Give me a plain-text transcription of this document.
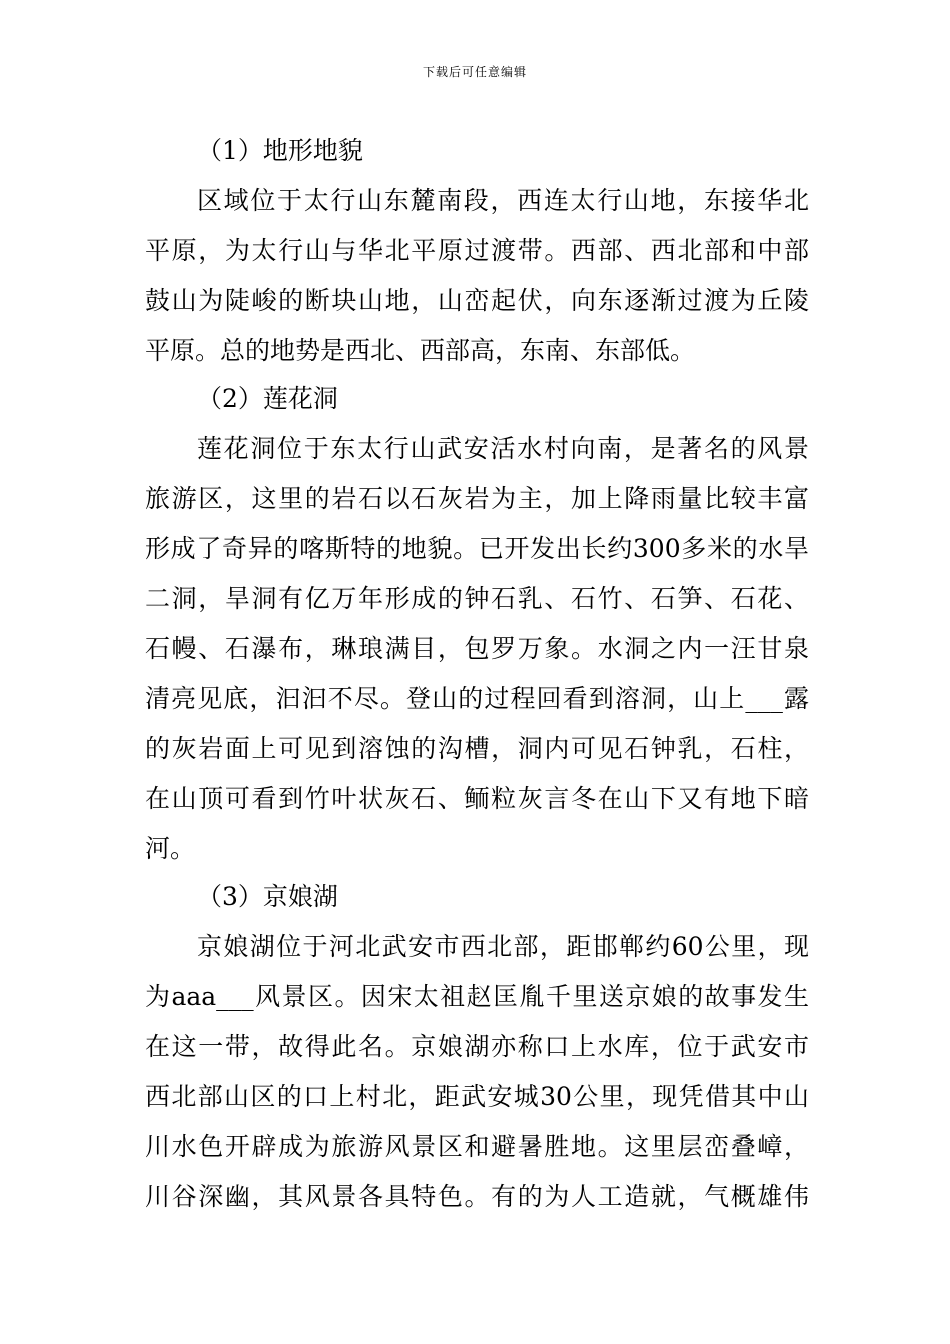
下载后可任意编辑
（1）地形地貌
区域位于太行山东麓南段，西连太行山地，东接华北
平原，为太行山与华北平原过渡带。西部、西北部和中部
鼓山为陡峻的断块山地，山峦起伏，向东逐渐过渡为丘陵
平原。总的地势是西北、西部高，东南、东部低。
（2）莲花洞
莲花洞位于东太行山武安活水村向南，是著名的风景
旅游区，这里的岩石以石灰岩为主，加上降雨量比较丰富
形成了奇异的喀斯特的地貌。已开发出长约300多米的水旱
二洞，旱洞有亿万年形成的钟石乳、石竹、石笋、石花、
石幔、石瀑布，琳琅满目，包罗万象。水洞之内一汪甘泉
清亮见底，汩汩不尽。登山的过程回看到溶洞，山上___露
的灰岩面上可见到溶蚀的沟槽，洞内可见石钟乳，石柱，
在山顶可看到竹叶状灰石、鲕粒灰言冬在山下又有地下暗
河。
（3）京娘湖
京娘湖位于河北武安市西北部，距邯郸约60公里，现
为aaa___风景区。因宋太祖赵匡胤千里送京娘的故事发生
在这一带，故得此名。京娘湖亦称口上水库，位于武安市
西北部山区的口上村北，距武安城30公里，现凭借其中山
川水色开辟成为旅游风景区和避暑胜地。这里层峦叠嶂，
川谷深幽，其风景各具特色。有的为人工造就，气概雄伟
